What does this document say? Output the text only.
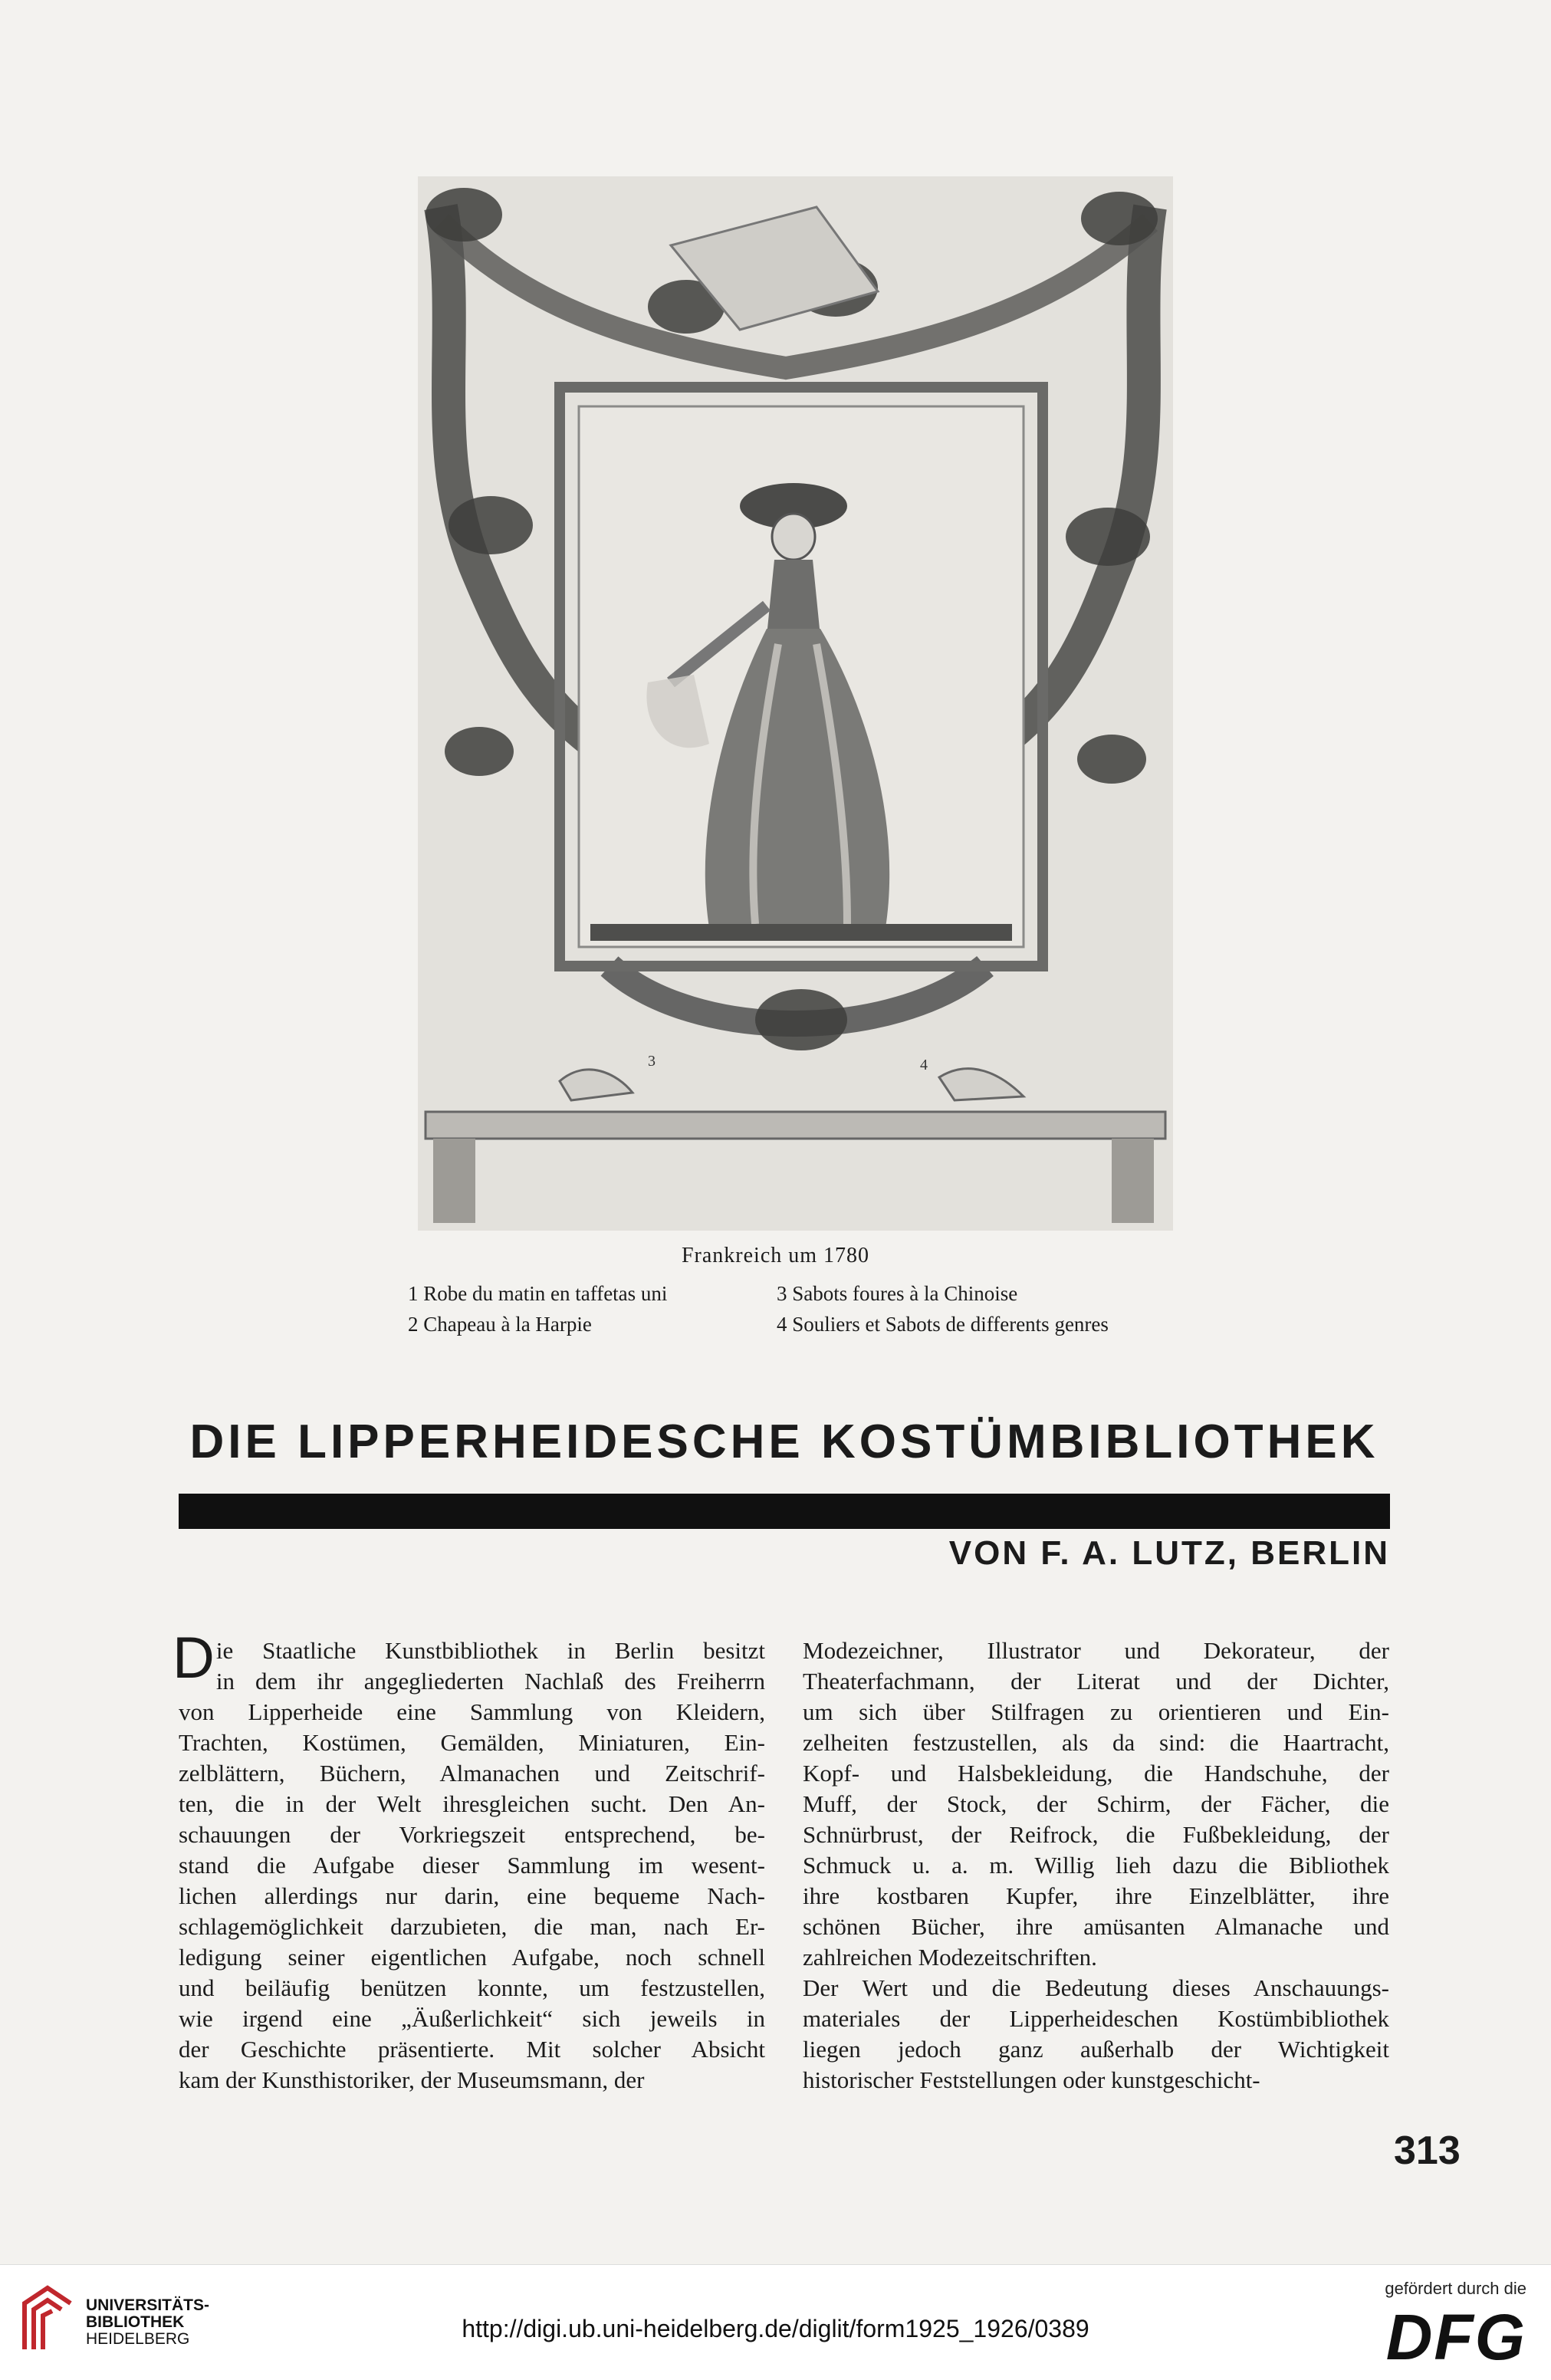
3	4
Frankreich um 1780
1 Robe du matin en taffetas uni
2 Chapeau à la Harpie
3 Sabots foures à la Chinoise
4 Souliers et Sabots de differents genres
DIE LIPPERHEIDESCHE KOSTÜMBIBLIOTHEK
VON F. A. LUTZ, BERLIN
D ie Staatliche Kunstbibliothek in Berlin besitzt
in dem ihr angegliederten Nachlaß des Freiherrn
von Lipperheide eine Sammlung von Kleidern,
Trachten, Kostümen, Gemälden, Miniaturen, Ein-
zelblättern, Büchern, Almanachen und Zeitschrif-
ten, die in der Welt ihresgleichen sucht. Den An-
schauungen der Vorkriegszeit entsprechend, be-
stand die Aufgabe dieser Sammlung im wesent-
lichen allerdings nur darin, eine bequeme Nach-
schlagemöglichkeit darzubieten, die man, nach Er-
ledigung seiner eigentlichen Aufgabe, noch schnell
und beiläufig benützen konnte, um festzustellen,
wie irgend eine „Äußerlichkeit“ sich jeweils in
der Geschichte präsentierte. Mit solcher Absicht
kam der Kunsthistoriker, der Museumsmann, der
Modezeichner, Illustrator und Dekorateur, der
Theaterfachmann, der Literat und der Dichter,
um sich über Stilfragen zu orientieren und Ein-
zelheiten festzustellen, als da sind: die Haartracht,
Kopf- und Halsbekleidung, die Handschuhe, der
Muff, der Stock, der Schirm, der Fächer, die
Schnürbrust, der Reifrock, die Fußbekleidung, der
Schmuck u. a. m. Willig lieh dazu die Bibliothek
ihre kostbaren Kupfer, ihre Einzelblätter, ihre
schönen Bücher, ihre amüsanten Almanache und
zahlreichen Modezeitschriften.
Der Wert und die Bedeutung dieses Anschauungs-
materiales der Lipperheideschen Kostümbibliothek
liegen jedoch ganz außerhalb der Wichtigkeit
historischer Feststellungen oder kunstgeschicht-
313
UNIVERSITÄTS-
BIBLIOTHEK
HEIDELBERG	http://digi.ub.uni-heidelberg.de/diglit/form1925_1926/0389
gefördert durch die
DFG
